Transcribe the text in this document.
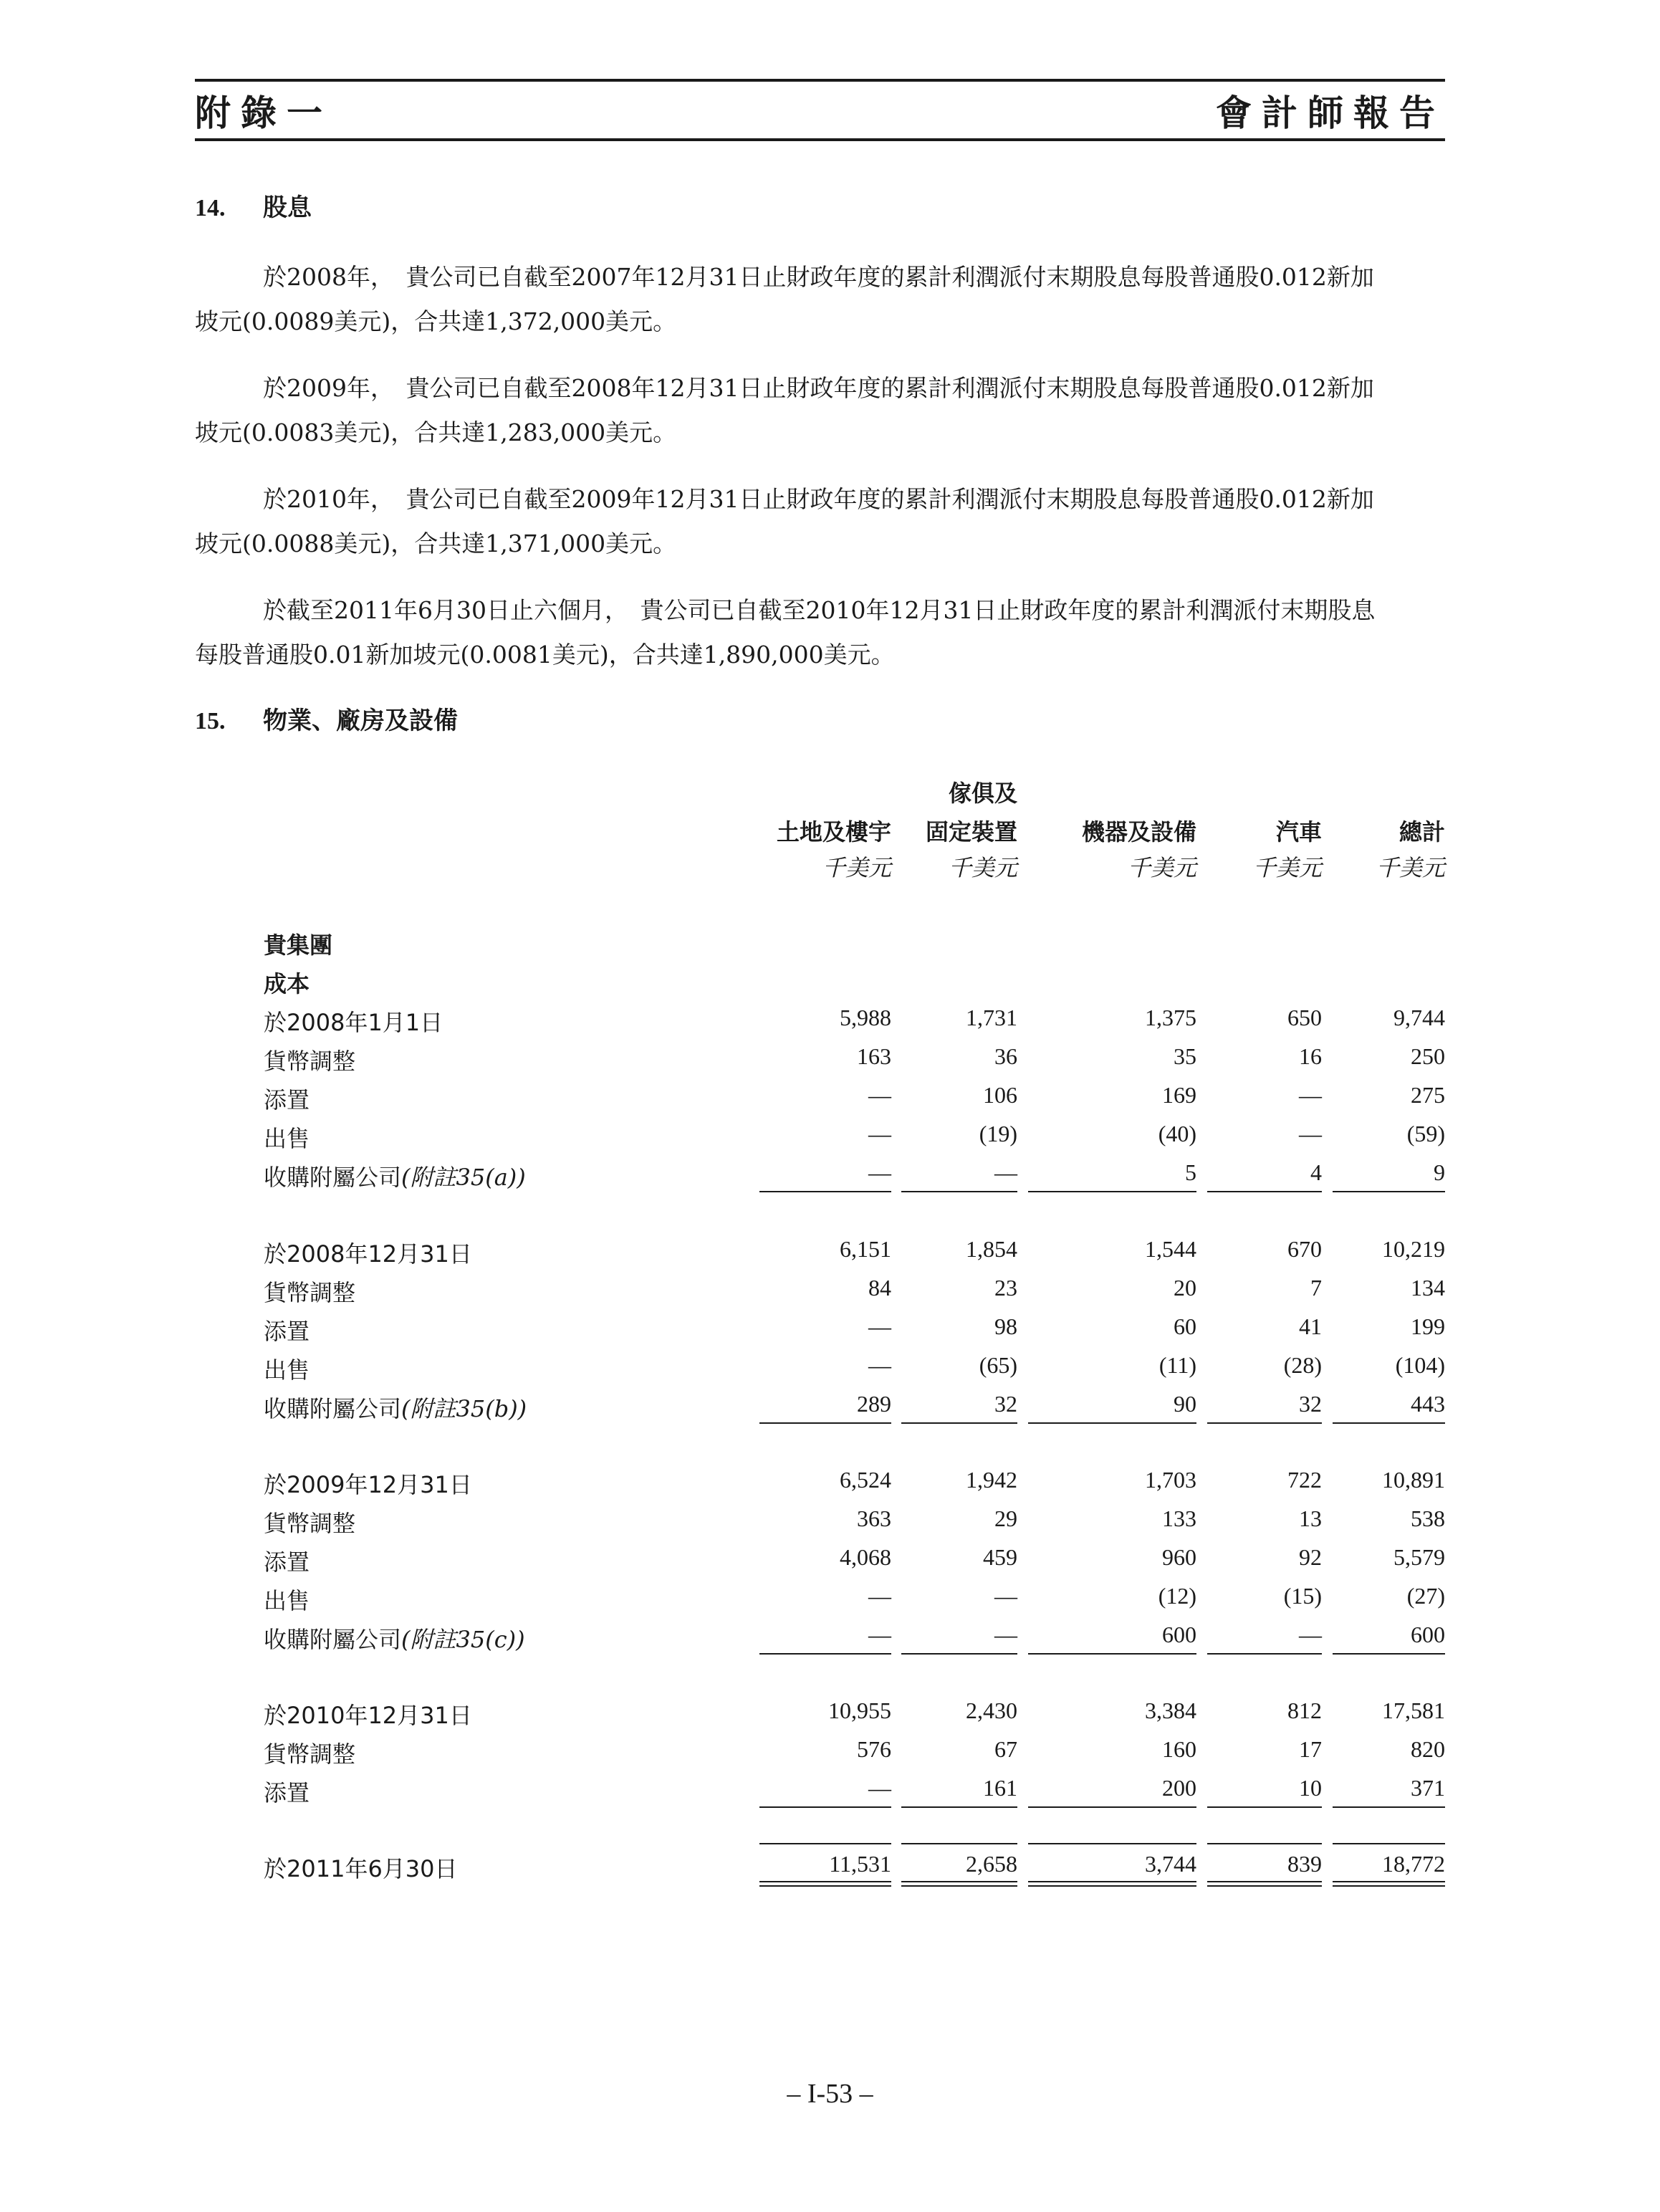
附錄一	會計師報告
14. 股息

於2008年，　貴公司已自截至2007年12月31日止財政年度的累計利潤派付末期股息每股普通股0.012新加

坡元(0.0089美元)，合共達1,372,000美元。

於2009年，　貴公司已自截至2008年12月31日止財政年度的累計利潤派付末期股息每股普通股0.012新加

坡元(0.0083美元)，合共達1,283,000美元。

於2010年，　貴公司已自截至2009年12月31日止財政年度的累計利潤派付末期股息每股普通股0.012新加

坡元(0.0088美元)，合共達1,371,000美元。

於截至2011年6月30日止六個月，　貴公司已自截至2010年12月31日止財政年度的累計利潤派付末期股息

每股普通股0.01新加坡元(0.0081美元)，合共達1,890,000美元。

15. 物業、廠房及設備
傢俱及
土地及樓宇	固定裝置	機器及設備	汽車	總計
千美元	千美元	千美元	千美元	千美元
貴集團
成本
於2008年1月1日	5,988	1,731	1,375	650	9,744
貨幣調整	163	36	35	16	250
添置	—	106	169	—	275
出售	—	(19)	(40)	—	(59)
收購附屬公司(附註35(a))	—	—	5	4	9
於2008年12月31日	6,151	1,854	1,544	670	10,219
貨幣調整	84	23	20	7	134
添置	—	98	60	41	199
出售	—	(65)	(11)	(28)	(104)
收購附屬公司(附註35(b))	289	32	90	32	443
於2009年12月31日	6,524	1,942	1,703	722	10,891
貨幣調整	363	29	133	13	538
添置	4,068	459	960	92	5,579
出售	—	—	(12)	(15)	(27)
收購附屬公司(附註35(c))	—	—	600	—	600
於2010年12月31日	10,955	2,430	3,384	812	17,581
貨幣調整	576	67	160	17	820
添置	—	161	200	10	371
於2011年6月30日	11,531	2,658	3,744	839	18,772
– I-53 –
